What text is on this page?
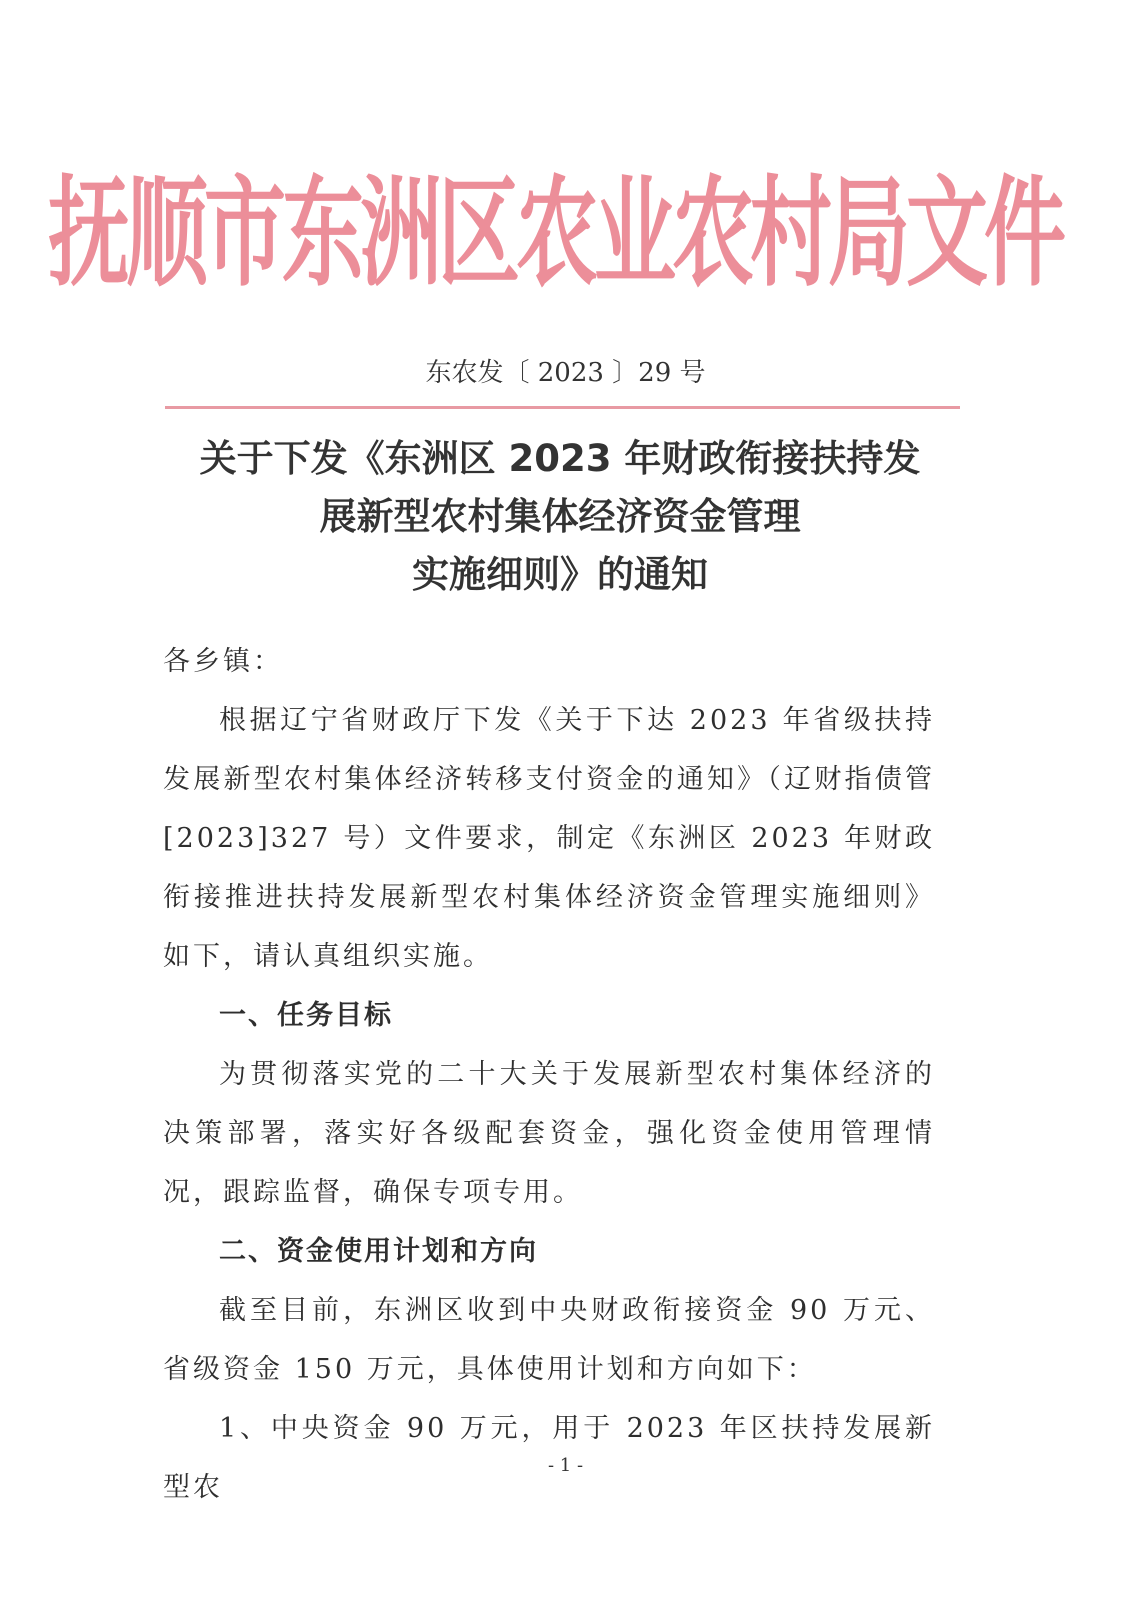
抚顺市东洲区农业农村局文件
东农发〔 2023 〕29 号
关于下发《东洲区 2023 年财政衔接扶持发
展新型农村集体经济资金管理
实施细则》的通知

各乡镇：

根据辽宁省财政厅下发《关于下达 2023 年省级扶持发展新型农村集体经济转移支付资金的通知》（辽财指债管[2023]327 号）文件要求，制定《东洲区 2023 年财政衔接推进扶持发展新型农村集体经济资金管理实施细则》如下，请认真组织实施。

一、任务目标

为贯彻落实党的二十大关于发展新型农村集体经济的决策部署，落实好各级配套资金，强化资金使用管理情况，跟踪监督，确保专项专用。

二、资金使用计划和方向

截至目前，东洲区收到中央财政衔接资金 90 万元、省级资金 150 万元，具体使用计划和方向如下：

1、中央资金 90 万元，用于 2023 年区扶持发展新型农

- 1 -
